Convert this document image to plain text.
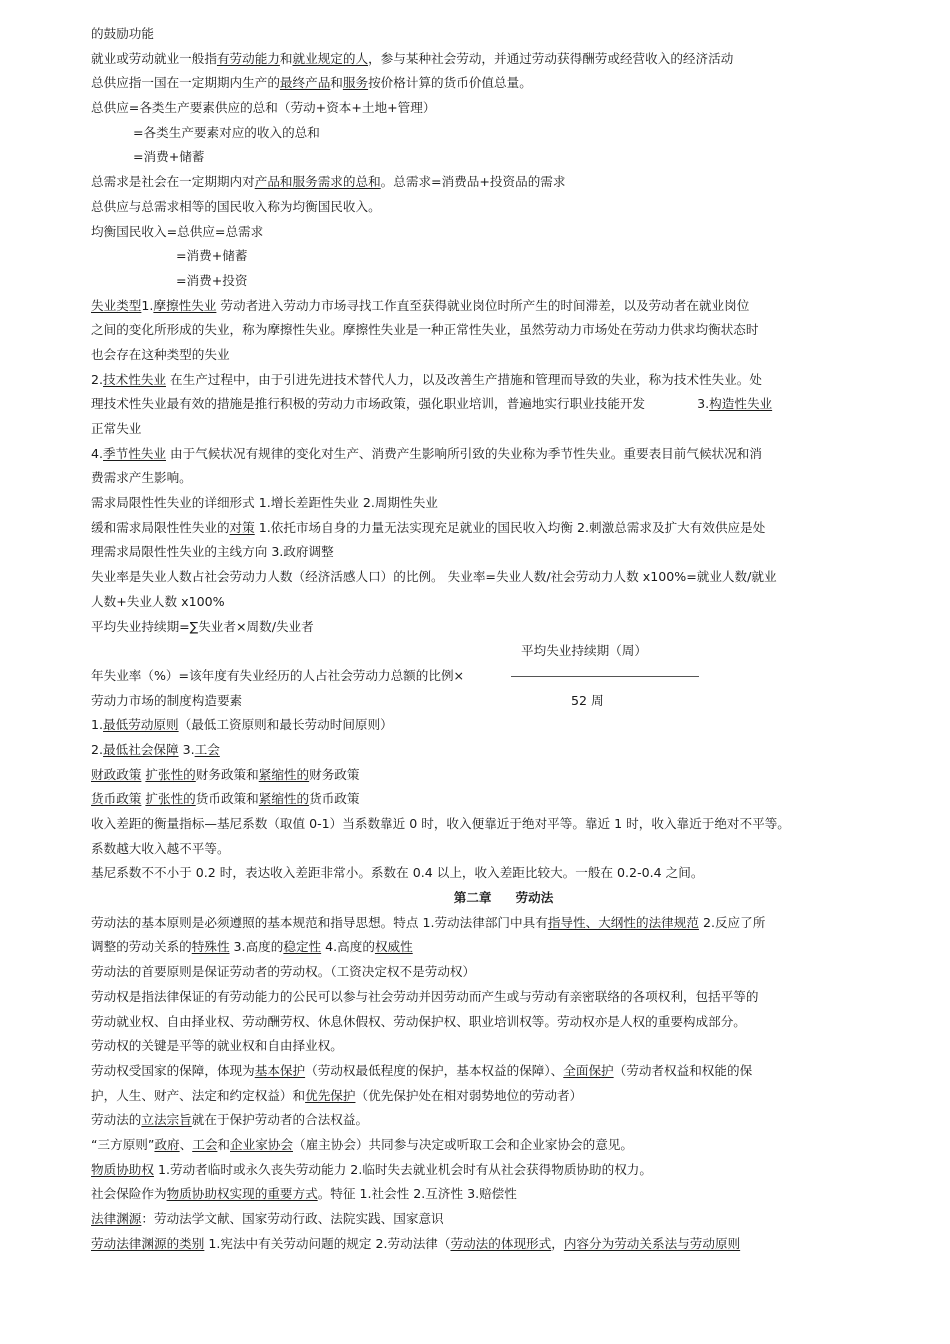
的鼓励功能
就业或劳动就业一般指有劳动能力和就业规定的人，参与某种社会劳动，并通过劳动获得酬劳或经营收入的经济活动
总供应指一国在一定期期内生产的最终产品和服务按价格计算的货币价值总量。
总供应=各类生产要素供应的总和（劳动+资本+土地+管理）
=各类生产要素对应的收入的总和
=消费+储蓄
总需求是社会在一定期期内对产品和服务需求的总和。总需求=消费品+投资品的需求
总供应与总需求相等的国民收入称为均衡国民收入。
均衡国民收入=总供应=总需求
=消费+储蓄
=消费+投资
失业类型1.摩擦性失业 劳动者进入劳动力市场寻找工作直至获得就业岗位时所产生的时间滞差，以及劳动者在就业岗位
之间的变化所形成的失业，称为摩擦性失业。摩擦性失业是一种正常性失业，虽然劳动力市场处在劳动力供求均衡状态时
也会存在这种类型的失业
2.技术性失业 在生产过程中，由于引进先进技术替代人力，以及改善生产措施和管理而导致的失业，称为技术性失业。处
理技术性失业最有效的措施是推行积极的劳动力市场政策，强化职业培训，普遍地实行职业技能开发	3.构造性失业
正常失业
4.季节性失业 由于气候状况有规律的变化对生产、消费产生影响所引致的失业称为季节性失业。重要表目前气候状况和消
费需求产生影响。
需求局限性性失业的详细形式 1.增长差距性失业 2.周期性失业
缓和需求局限性性失业的对策 1.依托市场自身的力量无法实现充足就业的国民收入均衡 2.刺激总需求及扩大有效供应是处
理需求局限性性失业的主线方向 3.政府调整
失业率是失业人数占社会劳动力人数（经济活感人口）的比例。 失业率=失业人数/社会劳动力人数 x100%=就业人数/就业
人数+失业人数 x100%
平均失业持续期=∑失业者×周数/失业者
平均失业持续期（周）
年失业率（%）=该年度有失业经历的人占社会劳动力总额的比例×
劳动力市场的制度构造要素	52 周
1.最低劳动原则（最低工资原则和最长劳动时间原则）
2.最低社会保障 3.工会
财政政策 扩张性的财务政策和紧缩性的财务政策
货币政策 扩张性的货币政策和紧缩性的货币政策
收入差距的衡量指标—基尼系数（取值 0-1）当系数靠近 0 时，收入便靠近于绝对平等。靠近 1 时，收入靠近于绝对不平等。
系数越大收入越不平等。
基尼系数不不小于 0.2 时，表达收入差距非常小。系数在 0.4 以上，收入差距比较大。一般在 0.2-0.4 之间。
第二章 劳动法
劳动法的基本原则是必须遵照的基本规范和指导思想。特点 1.劳动法律部门中具有指导性、大纲性的法律规范 2.反应了所
调整的劳动关系的特殊性 3.高度的稳定性 4.高度的权威性
劳动法的首要原则是保证劳动者的劳动权。（工资决定权不是劳动权）
劳动权是指法律保证的有劳动能力的公民可以参与社会劳动并因劳动而产生或与劳动有亲密联络的各项权利，包括平等的
劳动就业权、自由择业权、劳动酬劳权、休息休假权、劳动保护权、职业培训权等。劳动权亦是人权的重要构成部分。
劳动权的关键是平等的就业权和自由择业权。
劳动权受国家的保障，体现为基本保护（劳动权最低程度的保护，基本权益的保障）、全面保护（劳动者权益和权能的保
护，人生、财产、法定和约定权益）和优先保护（优先保护处在相对弱势地位的劳动者）
劳动法的立法宗旨就在于保护劳动者的合法权益。
“三方原则”政府、工会和企业家协会（雇主协会）共同参与决定或听取工会和企业家协会的意见。
物质协助权 1.劳动者临时或永久丧失劳动能力 2.临时失去就业机会时有从社会获得物质协助的权力。
社会保险作为物质协助权实现的重要方式。特征 1.社会性 2.互济性 3.赔偿性
法律渊源：劳动法学文献、国家劳动行政、法院实践、国家意识
劳动法律渊源的类别 1.宪法中有关劳动问题的规定 2.劳动法律（劳动法的体现形式，内容分为劳动关系法与劳动原则
